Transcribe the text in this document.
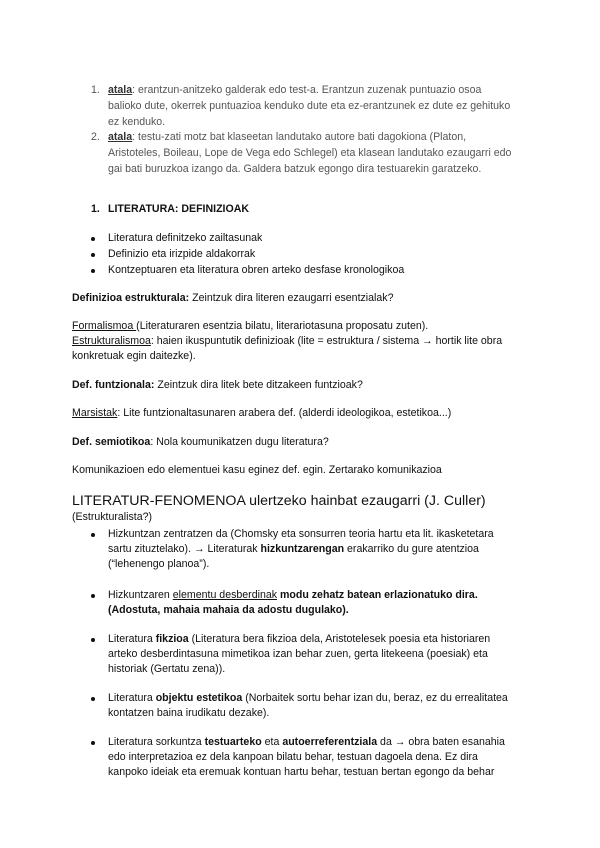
1. atala: erantzun-anitzeko galderak edo test-a. Erantzun zuzenak puntuazio osoa
balioko dute, okerrek puntuazioa kenduko dute eta ez-erantzunek ez dute ez gehituko
ez kenduko.
2. atala: testu-zati motz bat klaseetan landutako autore bati dagokiona (Platon,
Aristoteles, Boileau, Lope de Vega edo Schlegel) eta klasean landutako ezaugarri edo
gai bati buruzkoa izango da. Galdera batzuk egongo dira testuarekin garatzeko.
1. LITERATURA: DEFINIZIOAK
Literatura definitzeko zailtasunak
Definizio eta irizpide aldakorrak
Kontzeptuaren eta literatura obren arteko desfase kronologikoa
Definizioa estrukturala: Zeintzuk dira literen ezaugarri esentzialak?
Formalismoa (Literaturaren esentzia bilatu, literariotasuna proposatu zuten).
Estrukturalismoa: haien ikuspuntutik definizioak (lite = estruktura / sistema → hortik lite obra
konkretuak egin daitezke).
Def. funtzionala: Zeintzuk dira litek bete ditzakeen funtzioak?
Marsistak: Lite funtzionaltasunaren arabera def. (alderdi ideologikoa, estetikoa...)
Def. semiotikoa: Nola koumunikatzen dugu literatura?
Komunikazioen edo elementuei kasu eginez def. egin. Zertarako komunikazioa
LITERATUR-FENOMENOA ulertzeko hainbat ezaugarri (J. Culler)
(Estrukturalista?)
Hizkuntzan zentratzen da (Chomsky eta sonsurren teoria hartu eta lit. ikasketetara
sartu zituztelako). → Literaturak hizkuntzarengan erakarriko du gure atentzioa
(“lehenengo planoa”).
Hizkuntzaren elementu desberdinak modu zehatz batean erlazionatuko dira.
(Adostuta, mahaia mahaia da adostu dugulako).
Literatura fikzioa (Literatura bera fikzioa dela, Aristotelesek poesia eta historiaren
arteko desberdintasuna mimetikoa izan behar zuen, gerta litekeena (poesiak) eta
historiak (Gertatu zena)).
Literatura objektu estetikoa (Norbaitek sortu behar izan du, beraz, ez du errealitatea
kontatzen baina irudikatu dezake).
Literatura sorkuntza testuarteko eta autoerreferentziala da → obra baten esanahia
edo interpretazioa ez dela kanpoan bilatu behar, testuan dagoela dena. Ez dira
kanpoko ideiak eta eremuak kontuan hartu behar, testuan bertan egongo da behar
